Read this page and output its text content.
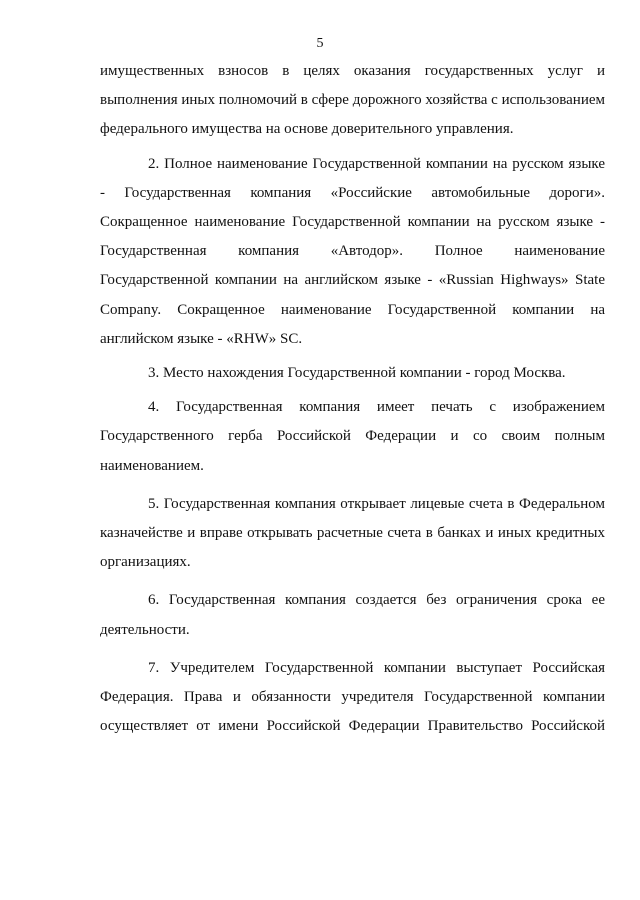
5

имущественных взносов в целях оказания государственных услуг и выполнения иных полномочий в сфере дорожного хозяйства с использованием федерального имущества на основе доверительного управления.

2. Полное наименование Государственной компании на русском языке - Государственная компания «Российские автомобильные дороги». Сокращенное наименование Государственной компании на русском языке - Государственная компания «Автодор». Полное наименование Государственной компании на английском языке - «Russian Highways» State Company. Сокращенное наименование Государственной компании на английском языке - «RHW» SC.

3. Место нахождения Государственной компании - город Москва.

4. Государственная компания имеет печать с изображением Государственного герба Российской Федерации и со своим полным наименованием.

5. Государственная компания открывает лицевые счета в Федеральном казначействе и вправе открывать расчетные счета в банках и иных кредитных организациях.

6. Государственная компания создается без ограничения срока ее деятельности.

7. Учредителем Государственной компании выступает Российская Федерация. Права и обязанности учредителя Государственной компании осуществляет от имени Российской Федерации Правительство Российской
